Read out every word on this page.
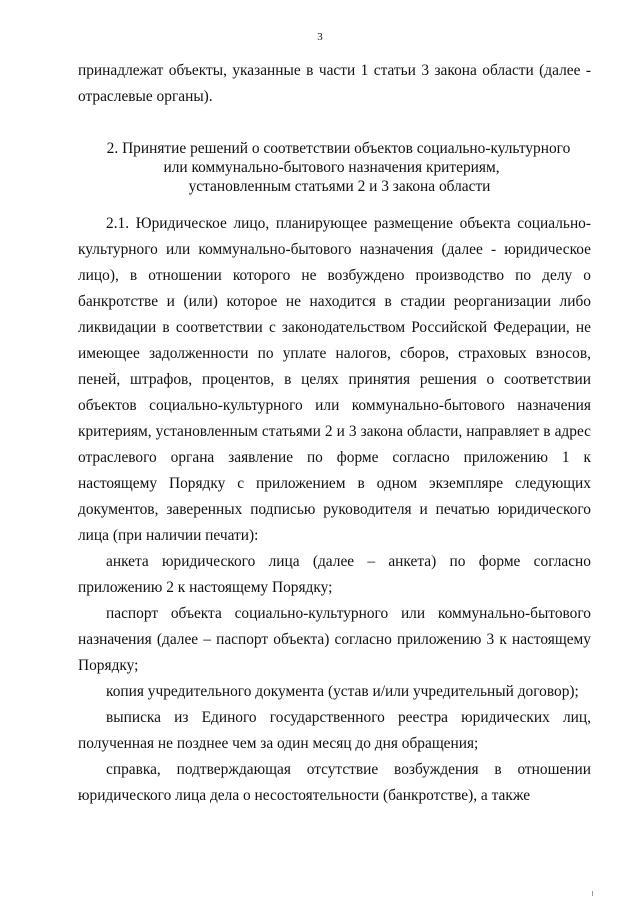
3

принадлежат объекты, указанные в части 1 статьи 3 закона области (далее - отраслевые органы).

2. Принятие решений о соответствии объектов социально-культурного
или коммунально-бытового назначения критериям,
установленным статьями 2 и 3 закона области

2.1. Юридическое лицо, планирующее размещение объекта социально-культурного или коммунально-бытового назначения (далее - юридическое лицо), в отношении которого не возбуждено производство по делу о банкротстве и (или) которое не находится в стадии реорганизации либо ликвидации в соответствии с законодательством Российской Федерации, не имеющее задолженности по уплате налогов, сборов, страховых взносов, пеней, штрафов, процентов, в целях принятия решения о соответствии объектов социально-культурного или коммунально-бытового назначения критериям, установленным статьями 2 и 3 закона области, направляет в адрес отраслевого органа заявление по форме согласно приложению 1 к настоящему Порядку с приложением в одном экземпляре следующих документов, заверенных подписью руководителя и печатью юридического лица (при наличии печати):

анкета юридического лица (далее – анкета) по форме согласно приложению 2 к настоящему Порядку;

паспорт объекта социально-культурного или коммунально-бытового назначения (далее – паспорт объекта) согласно приложению 3 к настоящему Порядку;

копия учредительного документа (устав и/или учредительный договор);

выписка из Единого государственного реестра юридических лиц, полученная не позднее чем за один месяц до дня обращения;

справка, подтверждающая отсутствие возбуждения в отношении юридического лица дела о несостоятельности (банкротстве), а также
